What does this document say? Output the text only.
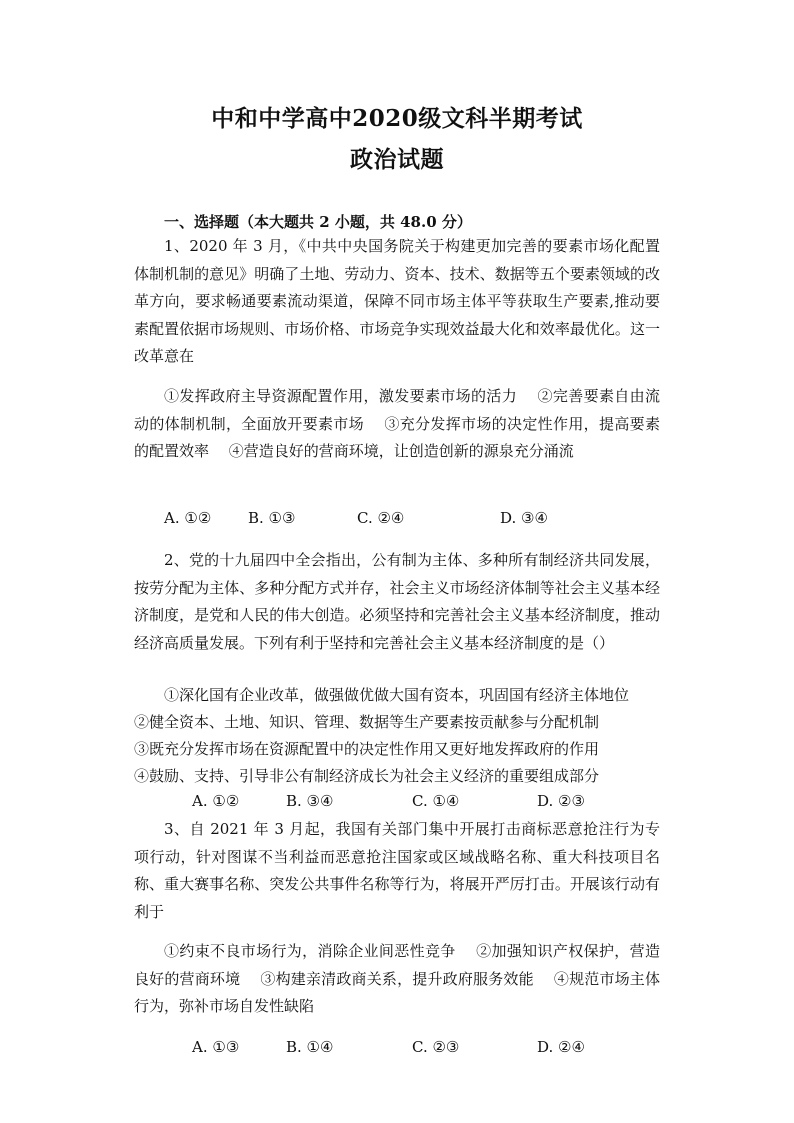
中和中学高中2020级文科半期考试
政治试题
一、选择题（本大题共 2 小题，共 48.0 分）
1、2020 年 3 月，《中共中央国务院关于构建更加完善的要素市场化配置体制机制的意见》明确了土地、劳动力、资本、技术、数据等五个要素领域的改革方向，要求畅通要素流动渠道，保障不同市场主体平等获取生产要素,推动要素配置依据市场规则、市场价格、市场竞争实现效益最大化和效率最优化。这一改革意在
①发挥政府主导资源配置作用，激发要素市场的活力　 ②完善要素自由流动的体制机制，全面放开要素市场　 ③充分发挥市场的决定性作用，提高要素的配置效率　 ④营造良好的营商环境，让创造创新的源泉充分涌流
A. ①② B. ①③	C. ②④	D. ③④
2、党的十九届四中全会指出，公有制为主体、多种所有制经济共同发展，按劳分配为主体、多种分配方式并存，社会主义市场经济体制等社会主义基本经济制度，是党和人民的伟大创造。必须坚持和完善社会主义基本经济制度，推动经济高质量发展。下列有利于坚持和完善社会主义基本经济制度的是（）
①深化国有企业改革，做强做优做大国有资本，巩固国有经济主体地位
②健全资本、土地、知识、管理、数据等生产要素按贡献参与分配机制
③既充分发挥市场在资源配置中的决定性作用又更好地发挥政府的作用
④鼓励、支持、引导非公有制经济成长为社会主义经济的重要组成部分
A. ①②	B. ③④	C. ①④	D. ②③
3、自 2021 年 3 月起，我国有关部门集中开展打击商标恶意抢注行为专项行动，针对图谋不当利益而恶意抢注国家或区域战略名称、重大科技项目名称、重大赛事名称、突发公共事件名称等行为，将展开严厉打击。开展该行动有利于
①约束不良市场行为，消除企业间恶性竞争　 ②加强知识产权保护，营造良好的营商环境　 ③构建亲清政商关系，提升政府服务效能　 ④规范市场主体行为，弥补市场自发性缺陷
A. ①③	B. ①④	C. ②③	D. ②④
